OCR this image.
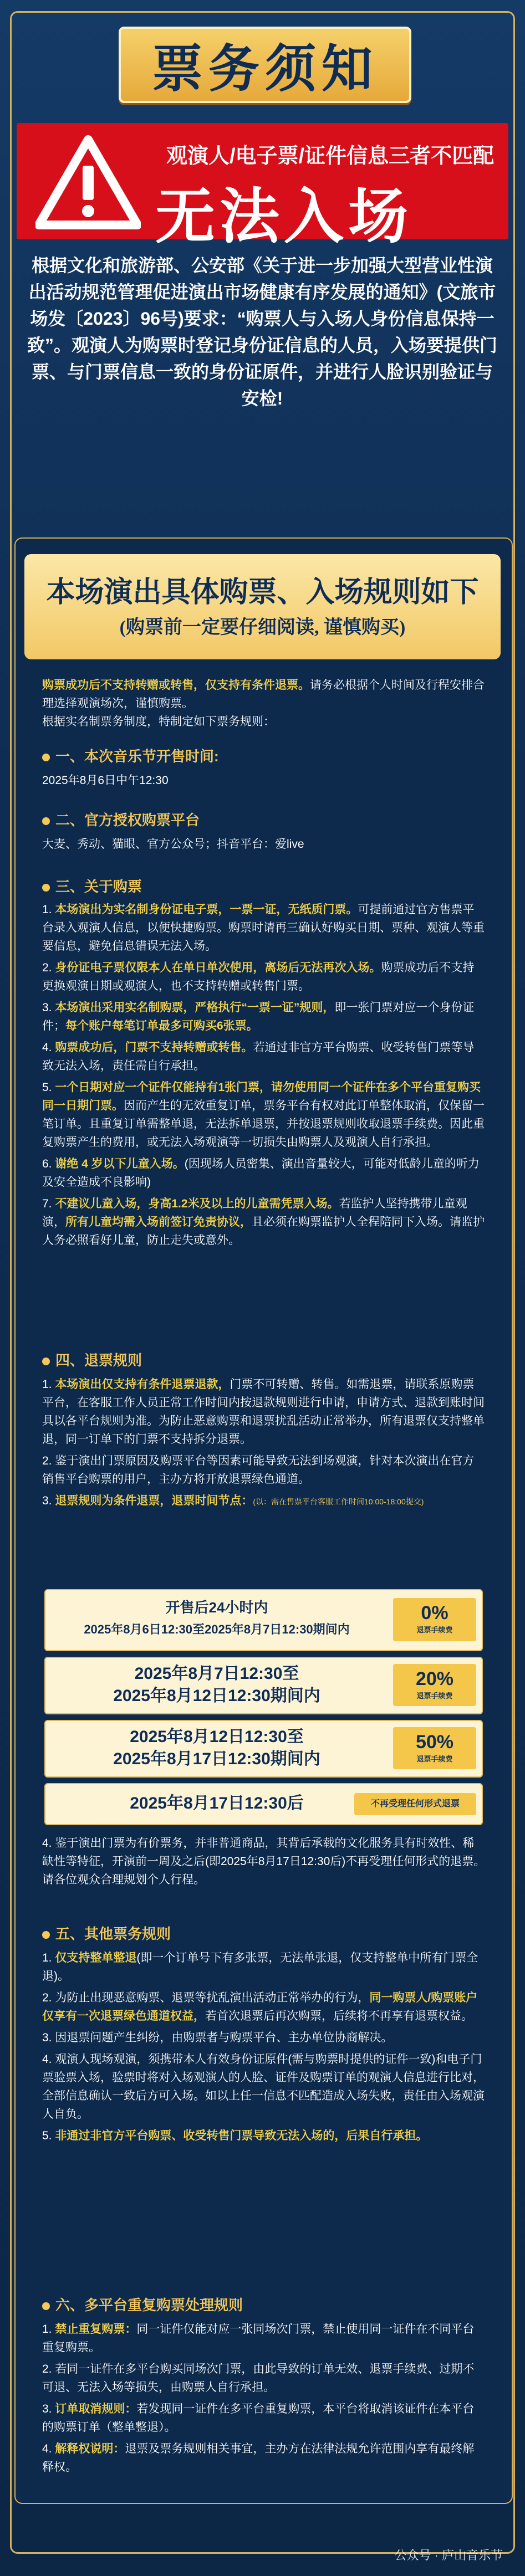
票务须知
观演人/电子票/证件信息三者不匹配
无法入场
根据文化和旅游部、公安部《关于进一步加强大型营业性演出活动规范管理促进演出市场健康有序发展的通知》(文旅市场发〔2023〕96号)要求：“购票人与入场人身份信息保持一致”。观演人为购票时登记身份证信息的人员，入场要提供门票、与门票信息一致的身份证原件，并进行人脸识别验证与安检!
本场演出具体购票、入场规则如下
(购票前一定要仔细阅读, 谨慎购买)
购票成功后不支持转赠或转售，仅支持有条件退票。请务必根据个人时间及行程安排合理选择观演场次，谨慎购票。
根据实名制票务制度，特制定如下票务规则：
一、本次音乐节开售时间:
2025年8月6日中午12:30
二、官方授权购票平台
大麦、秀动、猫眼、官方公众号；抖音平台：爱live
三、关于购票
1. 本场演出为实名制身份证电子票，一票一证，无纸质门票。可提前通过官方售票平台录入观演人信息，以便快捷购票。购票时请再三确认好购买日期、票种、观演人等重要信息，避免信息错误无法入场。
2. 身份证电子票仅限本人在单日单次使用，离场后无法再次入场。购票成功后不支持更换观演日期或观演人，也不支持转赠或转售门票。
3. 本场演出采用实名制购票，严格执行“一票一证”规则，即一张门票对应一个身份证件；每个账户每笔订单最多可购买6张票。
4. 购票成功后，门票不支持转赠或转售。若通过非官方平台购票、收受转售门票等导致无法入场，责任需自行承担。
5. 一个日期对应一个证件仅能持有1张门票，请勿使用同一个证件在多个平台重复购买同一日期门票。因而产生的无效重复订单，票务平台有权对此订单整体取消，仅保留一笔订单。且重复订单需整单退，无法拆单退票，并按退票规则收取退票手续费。因此重复购票产生的费用，或无法入场观演等一切损失由购票人及观演人自行承担。
6. 谢绝 4 岁以下儿童入场。(因现场人员密集、演出音量较大，可能对低龄儿童的听力及安全造成不良影响)
7. 不建议儿童入场，身高1.2米及以上的儿童需凭票入场。若监护人坚持携带儿童观演，所有儿童均需入场前签订免责协议，且必须在购票监护人全程陪同下入场。请监护人务必照看好儿童，防止走失或意外。
四、退票规则
1. 本场演出仅支持有条件退票退款，门票不可转赠、转售。如需退票，请联系原购票平台，在客服工作人员正常工作时间内按退款规则进行申请，申请方式、退款到账时间具以各平台规则为准。为防止恶意购票和退票扰乱活动正常举办，所有退票仅支持整单退，同一订单下的门票不支持拆分退票。
2. 鉴于演出门票原因及购票平台等因素可能导致无法到场观演，针对本次演出在官方销售平台购票的用户，主办方将开放退票绿色通道。
3. 退票规则为条件退票，退票时间节点：(以：需在售票平台客服工作时间10:00-18:00提交)
开售后24小时内
2025年8月6日12:30至2025年8月7日12:30期间内
0%
退票手续费
2025年8月7日12:30至
2025年8月12日12:30期间内
20%
退票手续费
2025年8月12日12:30至
2025年8月17日12:30期间内
50%
退票手续费
2025年8月17日12:30后	不再受理任何形式退票
4. 鉴于演出门票为有价票务，并非普通商品，其背后承载的文化服务具有时效性、稀缺性等特征，开演前一周及之后(即2025年8月17日12:30后)不再受理任何形式的退票。请各位观众合理规划个人行程。
五、其他票务规则
1. 仅支持整单整退(即一个订单号下有多张票，无法单张退，仅支持整单中所有门票全退)。
2. 为防止出现恶意购票、退票等扰乱演出活动正常举办的行为，同一购票人/购票账户仅享有一次退票绿色通道权益，若首次退票后再次购票，后续将不再享有退票权益。
3. 因退票问题产生纠纷，由购票者与购票平台、主办单位协商解决。
4. 观演人现场观演，须携带本人有效身份证原件(需与购票时提供的证件一致)和电子门票验票入场，验票时将对入场观演人的人脸、证件及购票订单的观演人信息进行比对，全部信息确认一致后方可入场。如以上任一信息不匹配造成入场失败，责任由入场观演人自负。
5. 非通过非官方平台购票、收受转售门票导致无法入场的，后果自行承担。
六、多平台重复购票处理规则
1. 禁止重复购票：同一证件仅能对应一张同场次门票，禁止使用同一证件在不同平台重复购票。
2. 若同一证件在多平台购买同场次门票，由此导致的订单无效、退票手续费、过期不可退、无法入场等损失，由购票人自行承担。
3. 订单取消规则：若发现同一证件在多平台重复购票，本平台将取消该证件在本平台的购票订单（整单整退）。
4. 解释权说明：退票及票务规则相关事宜，主办方在法律法规允许范围内享有最终解释权。
公众号 · 庐山音乐节
